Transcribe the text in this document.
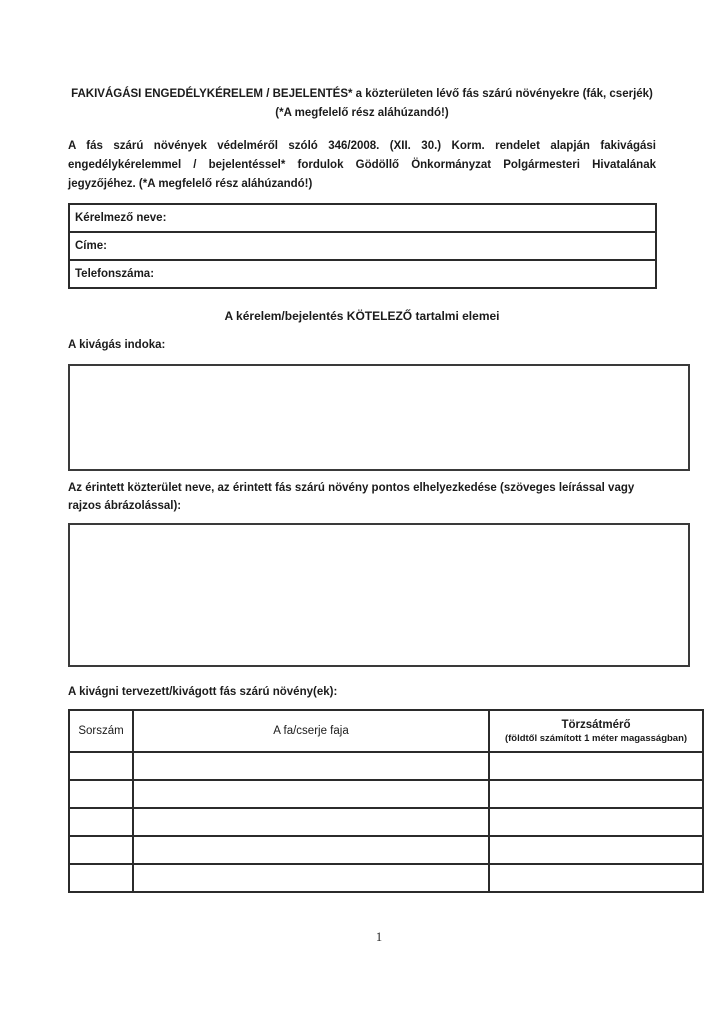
FAKIVÁGÁSI ENGEDÉLYKÉRELEM / BEJELENTÉS* a közterületen lévő fás szárú növényekre (fák, cserjék)
(*A megfelelő rész aláhúzandó!)
A fás szárú növények védelméről szóló 346/2008. (XII. 30.) Korm. rendelet alapján fakivágási engedélykérelemmel / bejelentéssel* fordulok Gödöllő Önkormányzat Polgármesteri Hivatalának jegyzőjéhez. (*A megfelelő rész aláhúzandó!)
Kérelmező neve:
Címe:
Telefonszáma:
A kérelem/bejelentés KÖTELEZŐ tartalmi elemei
A kivágás indoka:
Az érintett közterület neve, az érintett fás szárú növény pontos elhelyezkedése (szöveges leírással vagy rajzos ábrázolással):
A kivágni tervezett/kivágott fás szárú növény(ek):
Sorszám	A fa/cserje faja	Törzsátmérő
(földtől számított 1 méter magasságban)

1
